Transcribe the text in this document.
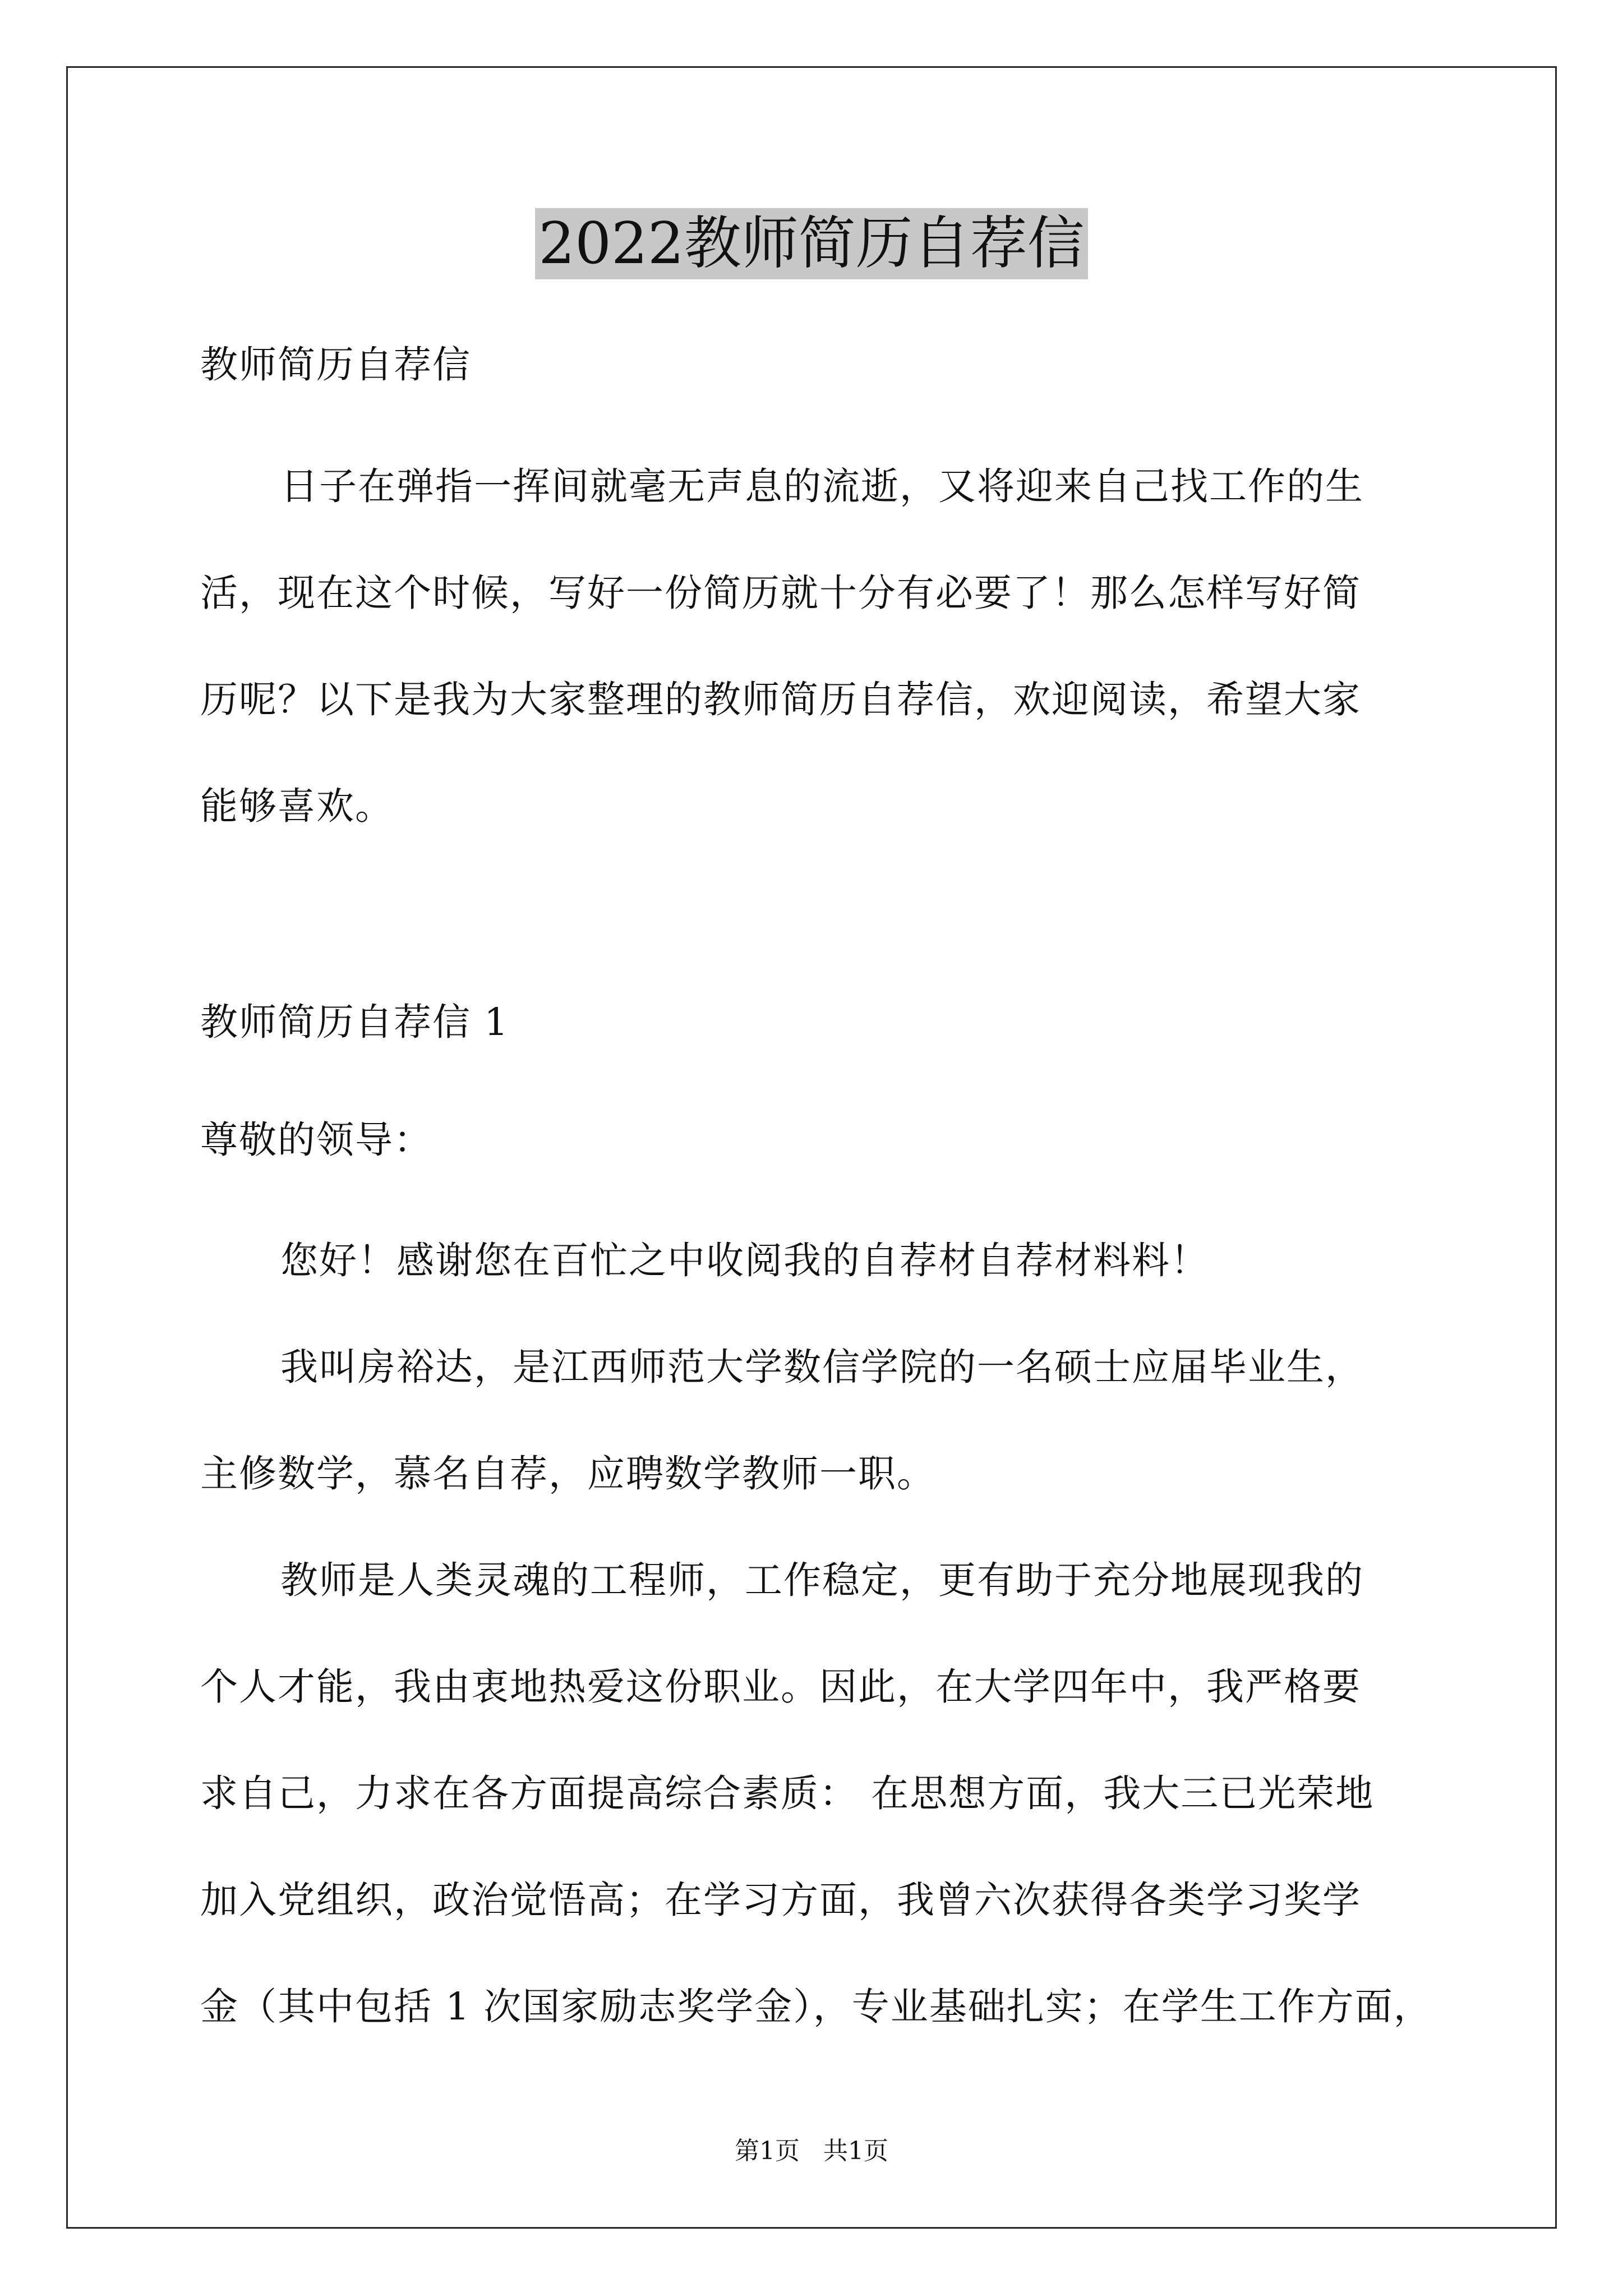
2022教师简历自荐信
教师简历自荐信
日子在弹指一挥间就毫无声息的流逝，又将迎来自己找工作的生
活，现在这个时候，写好一份简历就十分有必要了！那么怎样写好简
历呢？以下是我为大家整理的教师简历自荐信，欢迎阅读，希望大家
能够喜欢。
教师简历自荐信 1
尊敬的领导：
您好！感谢您在百忙之中收阅我的自荐材自荐材料料！
我叫房裕达，是江西师范大学数信学院的一名硕士应届毕业生，
主修数学，慕名自荐，应聘数学教师一职。
教师是人类灵魂的工程师，工作稳定，更有助于充分地展现我的
个人才能，我由衷地热爱这份职业。因此，在大学四年中，我严格要
求自己，力求在各方面提高综合素质： 在思想方面，我大三已光荣地
加入党组织，政治觉悟高；在学习方面，我曾六次获得各类学习奖学
金（其中包括 1 次国家励志奖学金），专业基础扎实；在学生工作方面，
第1页   共1页
